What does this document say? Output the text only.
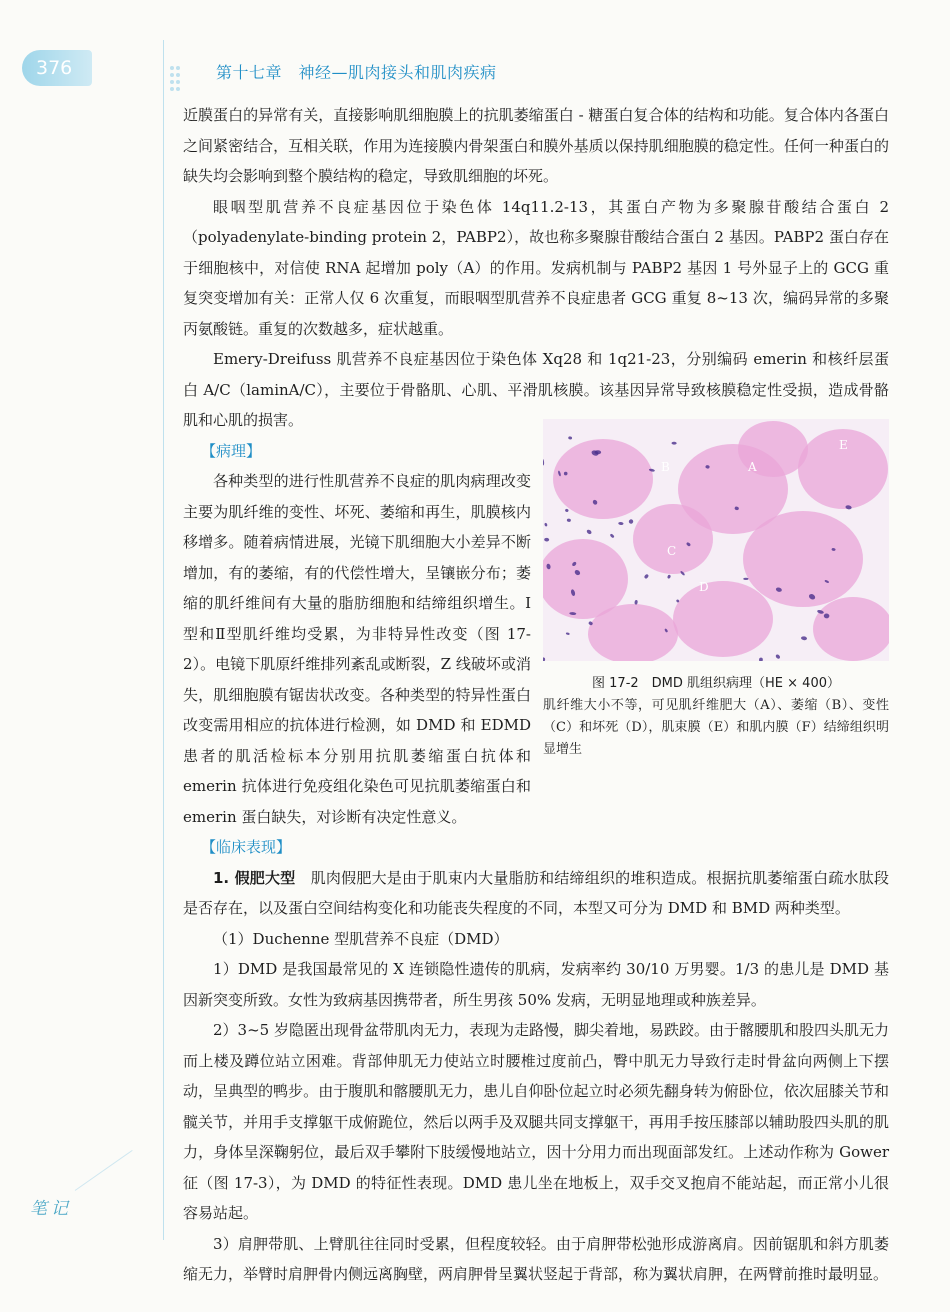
376	第十七章　神经—肌肉接头和肌肉疾病

近膜蛋白的异常有关，直接影响肌细胞膜上的抗肌萎缩蛋白 - 糖蛋白复合体的结构和功能。复合体内各蛋白之间紧密结合，互相关联，作用为连接膜内骨架蛋白和膜外基质以保持肌细胞膜的稳定性。任何一种蛋白的缺失均会影响到整个膜结构的稳定，导致肌细胞的坏死。

眼咽型肌营养不良症基因位于染色体 14q11.2-13，其蛋白产物为多聚腺苷酸结合蛋白 2（polyadenylate-binding protein 2，PABP2），故也称多聚腺苷酸结合蛋白 2 基因。PABP2 蛋白存在于细胞核中，对信使 RNA 起增加 poly（A）的作用。发病机制与 PABP2 基因 1 号外显子上的 GCG 重复突变增加有关：正常人仅 6 次重复，而眼咽型肌营养不良症患者 GCG 重复 8~13 次，编码异常的多聚丙氨酸链。重复的次数越多，症状越重。

Emery-Dreifuss 肌营养不良症基因位于染色体 Xq28 和 1q21-23，分别编码 emerin 和核纤层蛋白 A/C（laminA/C），主要位于骨骼肌、心肌、平滑肌核膜。该基因异常导致核膜稳定性受损，造成骨骼肌和心肌的损害。

【病理】

各种类型的进行性肌营养不良症的肌肉病理改变主要为肌纤维的变性、坏死、萎缩和再生，肌膜核内移增多。随着病情进展，光镜下肌细胞大小差异不断增加，有的萎缩，有的代偿性增大，呈镶嵌分布；萎缩的肌纤维间有大量的脂肪细胞和结缔组织增生。Ⅰ型和Ⅱ型肌纤维均受累，为非特异性改变（图 17-2）。电镜下肌原纤维排列紊乱或断裂，Z 线破坏或消失，肌细胞膜有锯齿状改变。各种类型的特异性蛋白改变需用相应的抗体进行检测，如 DMD 和 EDMD 患者的肌活检标本分别用抗肌萎缩蛋白抗体和 emerin 抗体进行免疫组化染色可见抗肌萎缩蛋白和 emerin 蛋白缺失，对诊断有决定性意义。

【临床表现】

1. 假肥大型　肌肉假肥大是由于肌束内大量脂肪和结缔组织的堆积造成。根据抗肌萎缩蛋白疏水肽段是否存在，以及蛋白空间结构变化和功能丧失程度的不同，本型又可分为 DMD 和 BMD 两种类型。

（1）Duchenne 型肌营养不良症（DMD）

1）DMD 是我国最常见的 X 连锁隐性遗传的肌病，发病率约 30/10 万男婴。1/3 的患儿是 DMD 基因新突变所致。女性为致病基因携带者，所生男孩 50% 发病，无明显地理或种族差异。

2）3~5 岁隐匿出现骨盆带肌肉无力，表现为走路慢，脚尖着地，易跌跤。由于髂腰肌和股四头肌无力而上楼及蹲位站立困难。背部伸肌无力使站立时腰椎过度前凸，臀中肌无力导致行走时骨盆向两侧上下摆动，呈典型的鸭步。由于腹肌和髂腰肌无力，患儿自仰卧位起立时必须先翻身转为俯卧位，依次屈膝关节和髋关节，并用手支撑躯干成俯跪位，然后以两手及双腿共同支撑躯干，再用手按压膝部以辅助股四头肌的肌力，身体呈深鞠躬位，最后双手攀附下肢缓慢地站立，因十分用力而出现面部发红。上述动作称为 Gower 征（图 17-3），为 DMD 的特征性表现。DMD 患儿坐在地板上，双手交叉抱肩不能站起，而正常小儿很容易站起。

3）肩胛带肌、上臂肌往往同时受累，但程度较轻。由于肩胛带松弛形成游离肩。因前锯肌和斜方肌萎缩无力，举臂时肩胛骨内侧远离胸壁，两肩胛骨呈翼状竖起于背部，称为翼状肩胛，在两臂前推时最明显。

E
B	A
C
D
图 17-2　DMD 肌组织病理（HE × 400）
肌纤维大小不等，可见肌纤维肥大（A）、萎缩（B）、变性（C）和坏死（D），肌束膜（E）和肌内膜（F）结缔组织明显增生
笔记
